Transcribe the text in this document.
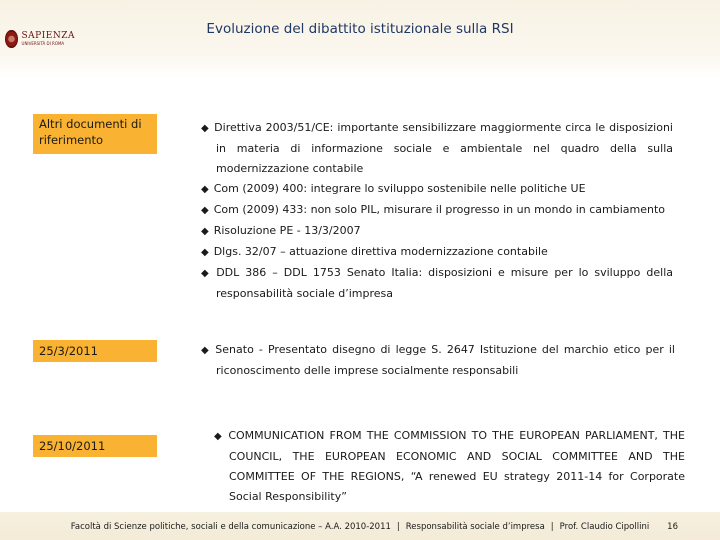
SAPIENZA
UNIVERSITÀ DI ROMA
Evoluzione del dibattito istituzionale sulla RSI
Altri documenti di riferimento

◆ Direttiva 2003/51/CE: importante sensibilizzare maggiormente circa le disposizioni in materia di informazione sociale e ambientale nel quadro della sulla modernizzazione contabile

◆ Com (2009) 400: integrare lo sviluppo sostenibile nelle politiche UE

◆ Com (2009) 433: non solo PIL, misurare il progresso in un mondo in cambiamento

◆ Risoluzione PE - 13/3/2007

◆ Dlgs. 32/07 – attuazione direttiva modernizzazione contabile

◆ DDL 386 – DDL 1753 Senato Italia: disposizioni e misure per lo sviluppo della responsabilità sociale d’impresa

25/3/2011	◆ Senato - Presentato disegno di legge S. 2647 Istituzione del marchio etico per il riconoscimento delle imprese socialmente responsabili

25/10/2011

◆ COMMUNICATION FROM THE COMMISSION TO THE EUROPEAN PARLIAMENT, THE COUNCIL, THE EUROPEAN ECONOMIC AND SOCIAL COMMITTEE AND THE COMMITTEE OF THE REGIONS, “A renewed EU strategy 2011-14 for Corporate Social Responsibility”

Facoltà di Scienze politiche, sociali e della comunicazione – A.A. 2010-2011 | Responsabilità sociale d’impresa | Prof. Claudio Cipollini	16
